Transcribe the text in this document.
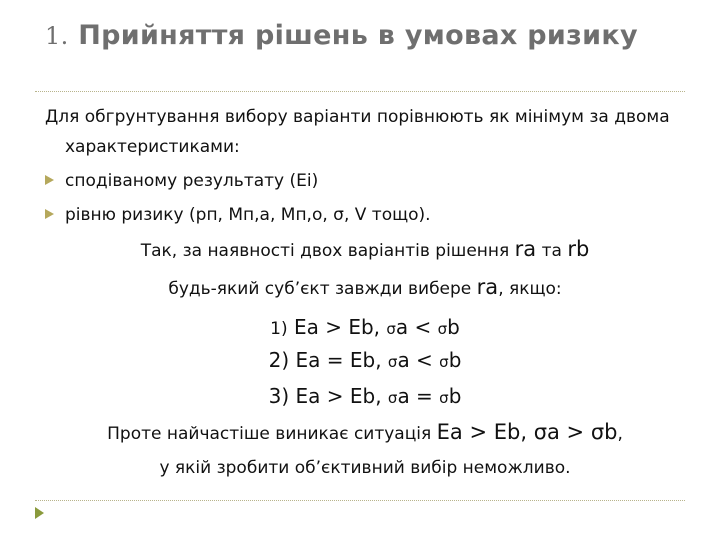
1. Прийняття рішень в умовах ризику
Для обгрунтування вибору варіанти порівнюють як мінімум за двома характеристиками:
сподіваному результату (Еі)
рівню ризику (рп, Мп,а, Мп,о, σ, V тощо).
Так, за наявності двох варіантів рішення ra та rb
будь-який суб’єкт завжди вибере ra, якщо:
1) Ea > Eb, σa < σb
2) Ea = Eb, σa < σb
3) Ea > Eb, σa = σb
Проте найчастіше виникає ситуація Ea > Eb, σa > σb,
у якій зробити об’єктивний вибір неможливо.
